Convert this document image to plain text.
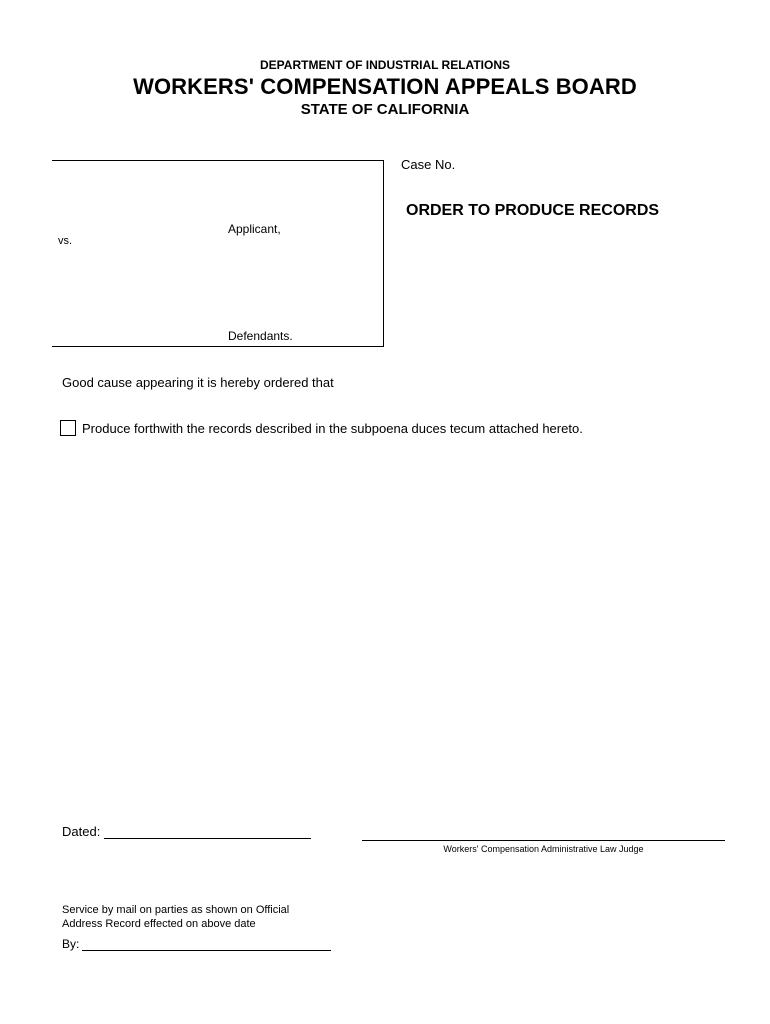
DEPARTMENT OF INDUSTRIAL RELATIONS
WORKERS' COMPENSATION APPEALS BOARD
STATE OF CALIFORNIA
Applicant,
vs.
Defendants.
Case No.
ORDER TO PRODUCE RECORDS
Good cause appearing it is hereby ordered that
Produce forthwith the records described in the subpoena duces tecum attached hereto.
Dated:
Workers' Compensation Administrative Law Judge
Service by mail on parties as shown on Official
Address Record effected on above date
By:
